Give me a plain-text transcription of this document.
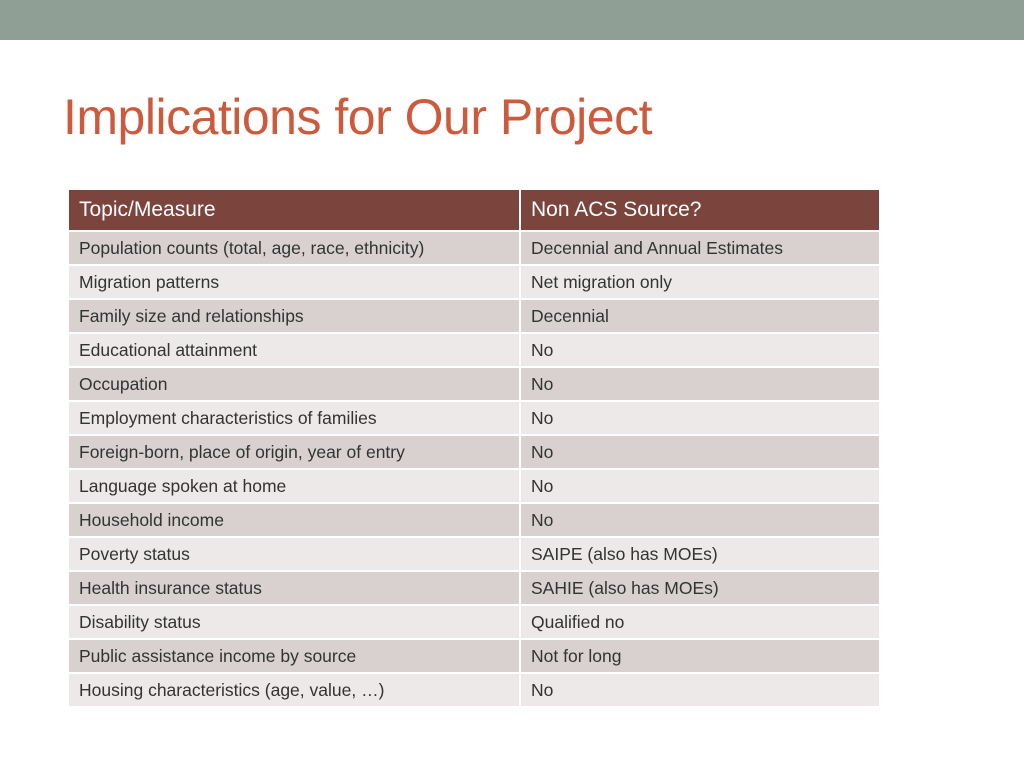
Implications for Our Project
Topic/Measure	Non ACS Source?
Population counts (total, age, race, ethnicity)	Decennial and Annual Estimates
Migration patterns	Net migration only
Family size and relationships	Decennial
Educational attainment	No
Occupation	No
Employment characteristics of families	No
Foreign-born, place of origin, year of entry	No
Language spoken at home	No
Household income	No
Poverty status	SAIPE (also has MOEs)
Health insurance status	SAHIE (also has MOEs)
Disability status	Qualified no
Public assistance income by source	Not for long
Housing characteristics (age, value, …)	No
